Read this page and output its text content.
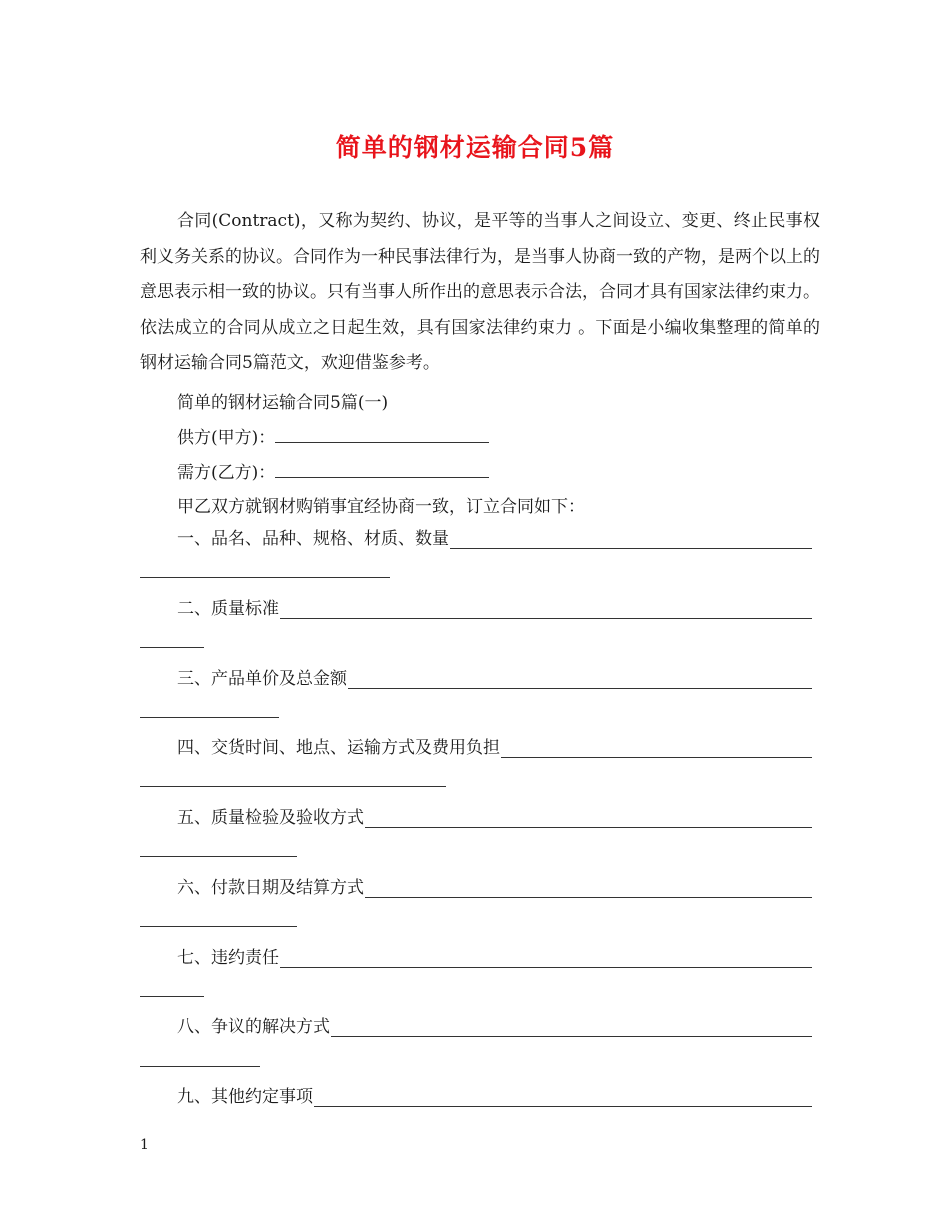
简单的钢材运输合同5篇

合同(Contract)，又称为契约、协议，是平等的当事人之间设立、变更、终止民事权利义务关系的协议。合同作为一种民事法律行为，是当事人协商一致的产物，是两个以上的意思表示相一致的协议。只有当事人所作出的意思表示合法，合同才具有国家法律约束力。依法成立的合同从成立之日起生效，具有国家法律约束力 。下面是小编收集整理的简单的钢材运输合同5篇范文，欢迎借鉴参考。

简单的钢材运输合同5篇(一)
供方(甲方)：
需方(乙方)：
甲乙双方就钢材购销事宜经协商一致，订立合同如下：
一、品名、品种、规格、材质、数量
二、质量标准
三、产品单价及总金额
四、交货时间、地点、运输方式及费用负担
五、质量检验及验收方式
六、付款日期及结算方式
七、违约责任
八、争议的解决方式
九、其他约定事项
1
